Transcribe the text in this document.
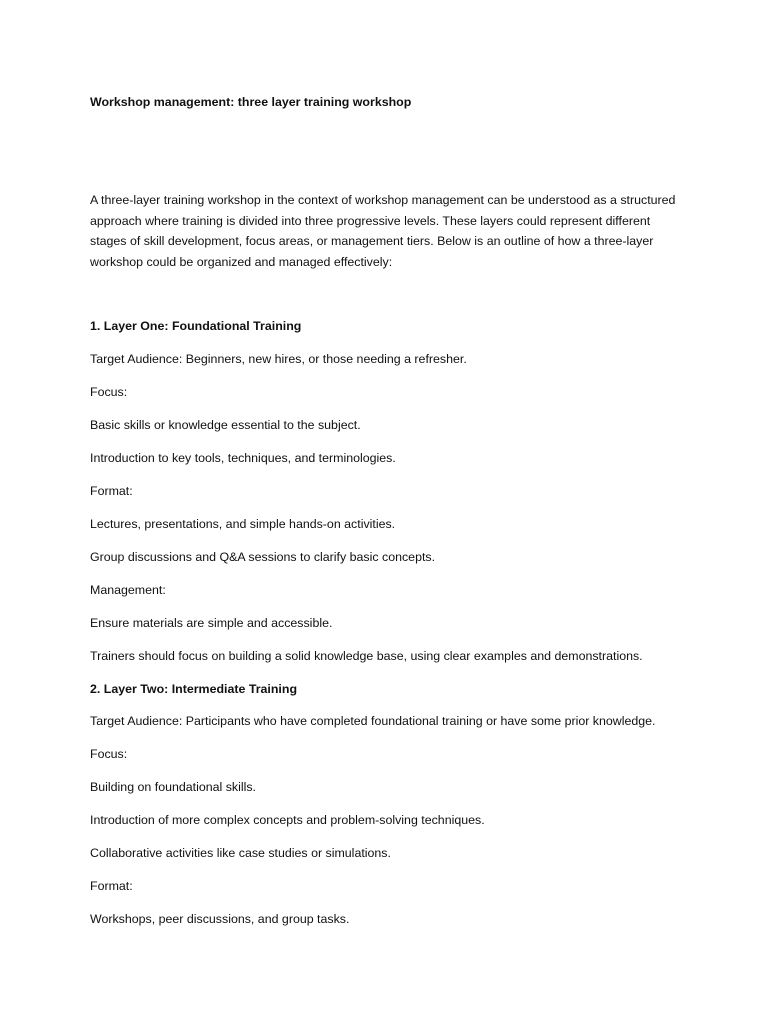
Workshop management: three layer training workshop

A three-layer training workshop in the context of workshop management can be understood as a structured approach where training is divided into three progressive levels. These layers could represent different stages of skill development, focus areas, or management tiers. Below is an outline of how a three-layer workshop could be organized and managed effectively:

1. Layer One: Foundational Training

Target Audience: Beginners, new hires, or those needing a refresher.

Focus:

Basic skills or knowledge essential to the subject.

Introduction to key tools, techniques, and terminologies.

Format:

Lectures, presentations, and simple hands-on activities.

Group discussions and Q&A sessions to clarify basic concepts.

Management:

Ensure materials are simple and accessible.

Trainers should focus on building a solid knowledge base, using clear examples and demonstrations.

2. Layer Two: Intermediate Training

Target Audience: Participants who have completed foundational training or have some prior knowledge.

Focus:

Building on foundational skills.

Introduction of more complex concepts and problem-solving techniques.

Collaborative activities like case studies or simulations.

Format:

Workshops, peer discussions, and group tasks.
